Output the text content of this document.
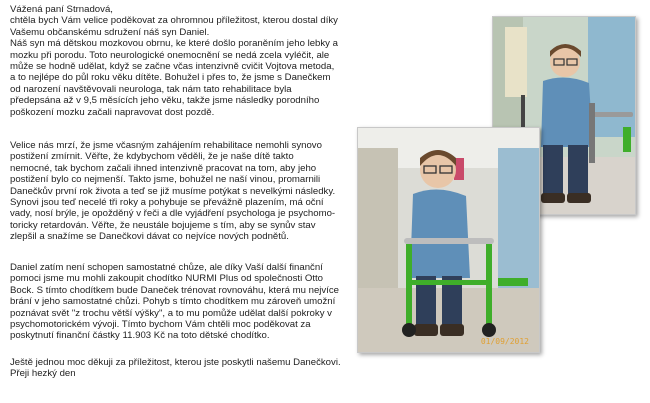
Vážená paní Strnadová,
chtěla bych Vám velice poděkovat za ohromnou příležitost, kterou dostal díky
Vašemu občanskému sdružení náš syn Daniel.
Náš syn má dětskou mozkovou obrnu, ke které došlo poraněním jeho lebky a
mozku při porodu. Toto neurologické onemocnění se nedá zcela vyléčit, ale
může se hodně udělat, když se začne včas intenzivně cvičit Vojtova metoda,
a to nejlépe do půl roku věku dítěte. Bohužel i přes to, že jsme s Danečkem
od narození navštěvovali neurologa, tak nám tato rehabilitace byla
předepsána až v 9,5 měsících jeho věku, takže jsme následky porodního
poškození mozku začali napravovat dost pozdě.

Velice nás mrzí, že jsme včasným zahájením rehabilitace nemohli synovo
postižení zmírnit. Věřte, že kdybychom věděli, že je naše dítě takto
nemocné, tak bychom začali ihned intenzivně pracovat na tom, aby jeho
postižení bylo co nejmenší. Takto jsme, bohužel ne naší vinou, promarnili
Danečkův první rok života a teď se již musíme potýkat s nevelkými následky.
Synovi jsou teď necelé tři roky a pohybuje se převážně plazením, má oční
vady, nosí brýle, je opožděný v řeči a dle vyjádření psychologa je psychomo-
toricky retardován. Věřte, že neustále bojujeme s tím, aby se synův stav
zlepšil a snažíme se Danečkovi dávat co nejvíce nových podnětů.

Daniel zatím není schopen samostatné chůze, ale díky Vaší další finanční
pomoci jsme mu mohli zakoupit chodítko NURMI Plus od společnosti Otto
Bock. S tímto chodítkem bude Daneček trénovat rovnováhu, která mu nejvíce
brání v jeho samostatné chůzi. Pohyb s tímto chodítkem mu zároveň umožní
poznávat svět "z trochu větší výšky", a to mu pomůže udělat další pokroky v
psychomotorickém vývoji. Tímto bychom Vám chtěli moc poděkovat za
poskytnutí finanční částky 11.903 Kč na toto dětské chodítko.

Ještě jednou moc děkuji za příležitost, kterou jste poskytli našemu Danečkovi.
Přeji hezký den

01/09/2012
